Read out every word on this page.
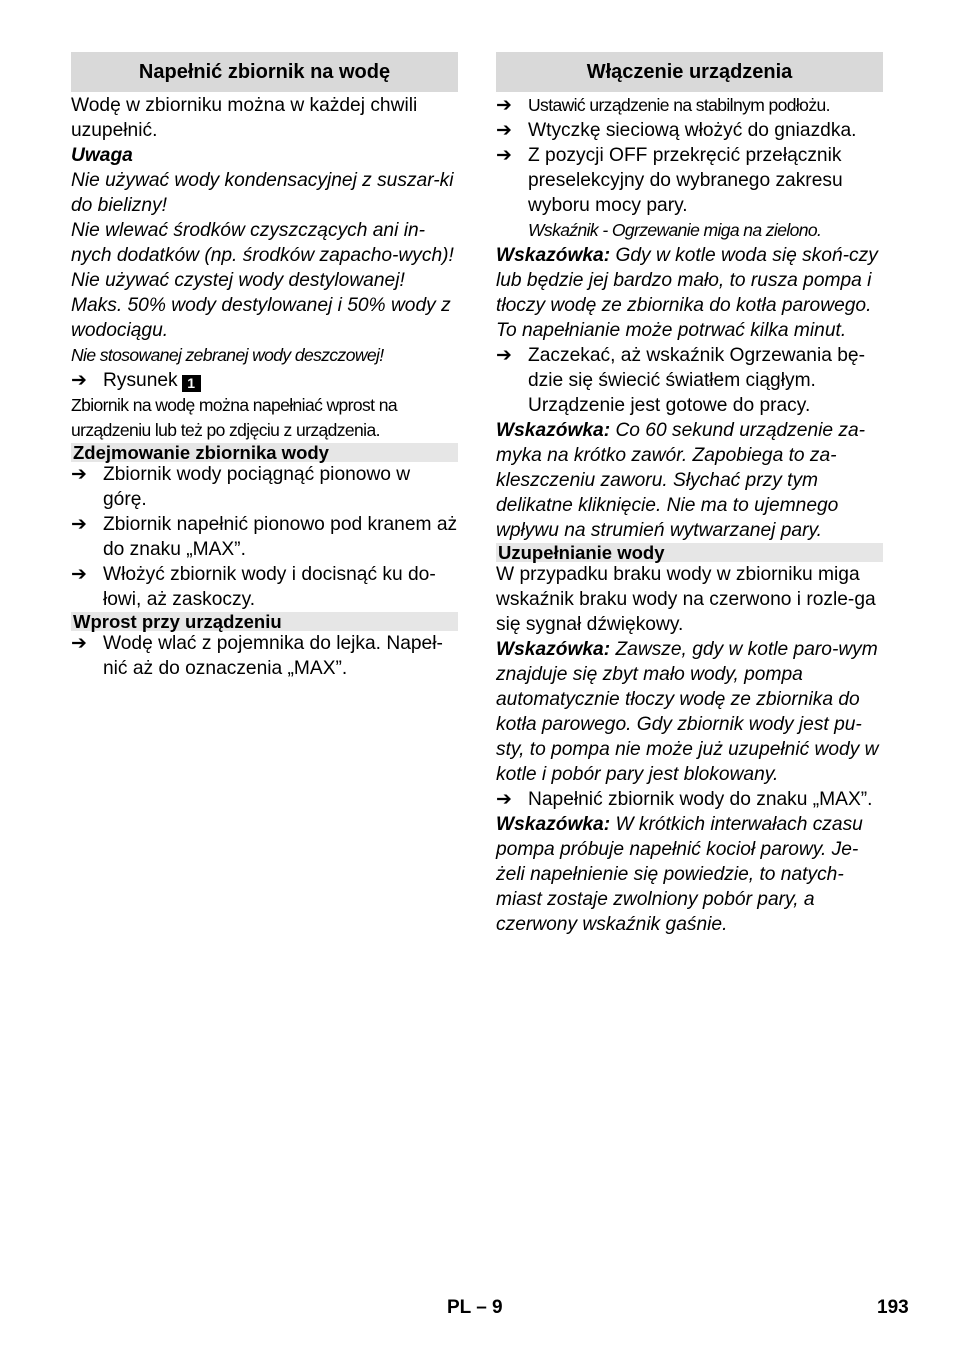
Napełnić zbiornik na wodę

Wodę w zbiorniku można w każdej chwili uzupełnić.

Uwaga

Nie używać wody kondensacyjnej z suszar-ki do bielizny!

Nie wlewać środków czyszczących ani in-nych dodatków (np. środków zapacho-wych)!

Nie używać czystej wody destylowanej! Maks. 50% wody destylowanej i 50% wody z wodociągu.

Nie stosowanej zebranej wody deszczowej!

➔ Rysunek 1

Zbiornik na wodę można napełniać wprost na urządzeniu lub też po zdjęciu z urządzenia.

Zdejmowanie zbiornika wody
➔ Zbiornik wody pociągnąć pionowo w górę.
➔ Zbiornik napełnić pionowo pod kranem aż do znaku „MAX”.
➔ Włożyć zbiornik wody i docisnąć ku do-łowi, aż zaskoczy.
Wprost przy urządzeniu
➔ Wodę wlać z pojemnika do lejka. Napeł-nić aż do oznaczenia „MAX”.
Włączenie urządzenia
➔ Ustawić urządzenie na stabilnym podłożu.
➔ Wtyczkę sieciową włożyć do gniazdka.
➔ Z pozycji OFF przekręcić przełącznik preselekcyjny do wybranego zakresu wyboru mocy pary.

Wskaźnik - Ogrzewanie miga na zielono.

Wskazówka: Gdy w kotle woda się skoń-czy lub będzie jej bardzo mało, to rusza pompa i tłoczy wodę ze zbiornika do kotła parowego. To napełnianie może potrwać kilka minut.

➔ Zaczekać, aż wskaźnik Ogrzewania bę-dzie się świecić światłem ciągłym.

Urządzenie jest gotowe do pracy.

Wskazówka: Co 60 sekund urządzenie za-myka na krótko zawór. Zapobiega to za-kleszczeniu zaworu. Słychać przy tym delikatne kliknięcie. Nie ma to ujemnego wpływu na strumień wytwarzanej pary.

Uzupełnianie wody

W przypadku braku wody w zbiorniku miga wskaźnik braku wody na czerwono i rozle-ga się sygnał dźwiękowy.

Wskazówka: Zawsze, gdy w kotle paro-wym znajduje się zbyt mało wody, pompa automatycznie tłoczy wodę ze zbiornika do kotła parowego. Gdy zbiornik wody jest pu-sty, to pompa nie może już uzupełnić wody w kotle i pobór pary jest blokowany.

➔ Napełnić zbiornik wody do znaku „MAX”.

Wskazówka: W krótkich interwałach czasu pompa próbuje napełnić kocioł parowy. Je-żeli napełnienie się powiedzie, to natych-miast zostaje zwolniony pobór pary, a czerwony wskaźnik gaśnie.

PL – 9	193
